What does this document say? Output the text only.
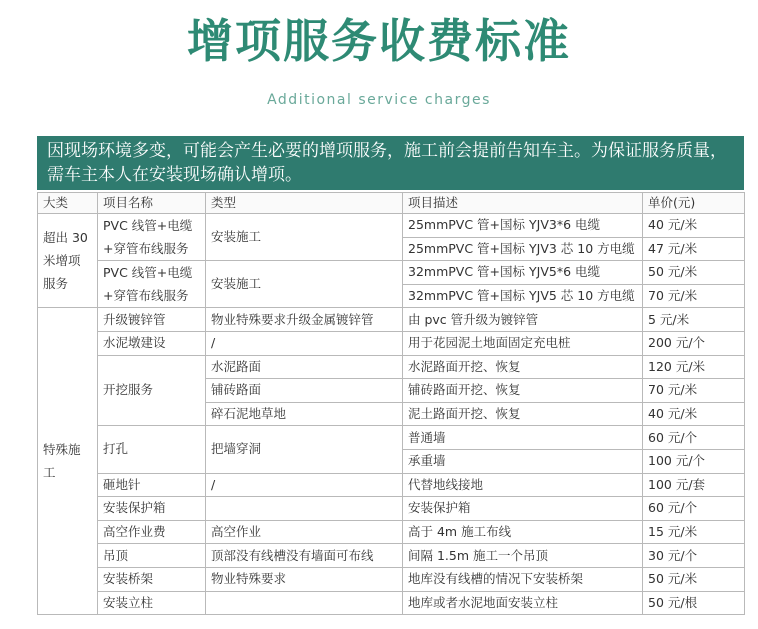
增项服务收费标准
Additional service charges
因现场环境多变，可能会产生必要的增项服务，施工前会提前告知车主。为保证服务质量，需车主本人在安装现场确认增项。
大类	项目名称	类型	项目描述	单价(元)
超出 30 米增项服务	PVC 线管+电缆+穿管布线服务	安装施工	25mmPVC 管+国标 YJV3*6 电缆	40 元/米
			25mmPVC 管+国标 YJV3 芯 10 方电缆	47 元/米
	PVC 线管+电缆+穿管布线服务	安装施工	32mmPVC 管+国标 YJV5*6 电缆	50 元/米
			32mmPVC 管+国标 YJV5 芯 10 方电缆	70 元/米
特殊施工	升级镀锌管	物业特殊要求升级金属镀锌管	由 pvc 管升级为镀锌管	5 元/米
	水泥墩建设	/	用于花园泥土地面固定充电桩	200 元/个
	开挖服务	水泥路面	水泥路面开挖、恢复	120 元/米
		铺砖路面	铺砖路面开挖、恢复	70 元/米
		碎石泥地草地	泥土路面开挖、恢复	40 元/米
	打孔	把墙穿洞	普通墙	60 元/个
			承重墙	100 元/个
	砸地针	/	代替地线接地	100 元/套
	安装保护箱		安装保护箱	60 元/个
	高空作业费	高空作业	高于 4m 施工布线	15 元/米
	吊顶	顶部没有线槽没有墙面可布线	间隔 1.5m 施工一个吊顶	30 元/个
	安装桥架	物业特殊要求	地库没有线槽的情况下安装桥架	50 元/米
	安装立柱		地库或者水泥地面安装立柱	50 元/根
